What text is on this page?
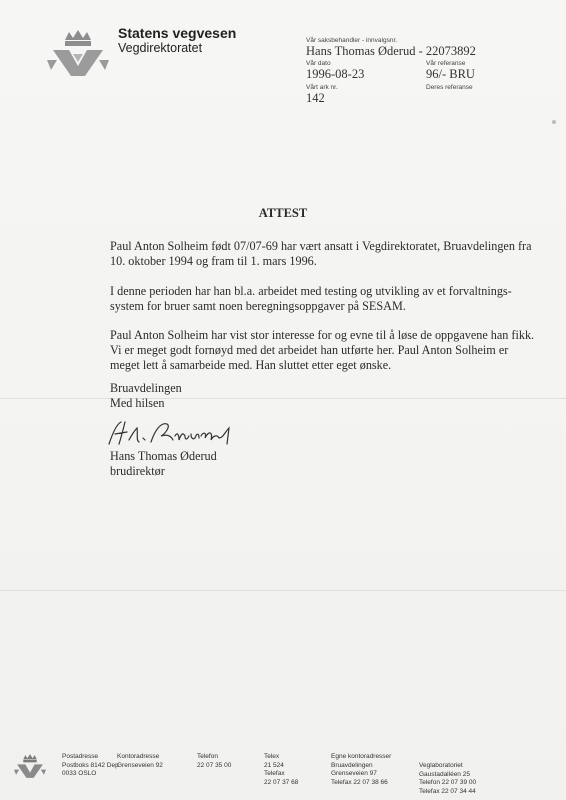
Statens vegvesen
Vegdirektoratet
Vår saksbehandler - innvalgsnr.
Hans Thomas Øderud - 22073892
Vår dato
1996-08-23
Vår referanse
96/- BRU
Deres referanse
Vårt ark nr.
142
ATTEST
Paul Anton Solheim født 07/07-69 har vært ansatt i Vegdirektoratet, Bruavdelingen fra
10. oktober 1994 og fram til 1. mars 1996.
I denne perioden har han bl.a. arbeidet med testing og utvikling av et forvaltnings-
system for bruer samt noen beregningsoppgaver på SESAM.
Paul Anton Solheim har vist stor interesse for og evne til å løse de oppgavene han fikk.
Vi er meget godt fornøyd med det arbeidet han utførte her. Paul Anton Solheim er
meget lett å samarbeide med. Han sluttet etter eget ønske.
Bruavdelingen
Med hilsen
Hans Thomas Øderud
brudirektør
Postadresse
Postboks 8142 Dep
0033 OSLO
Kontoradresse
Grenseveien 92
Telefon
22 07 35 00
Telex
21 524
Telefax
22 07 37 68
Egne kontoradresser
Bruavdelingen
Grenseveien 97
Telefax 22 07 38 66
Veglaboratoriet
Gaustadalléen 25
Telefon 22 07 39 00
Telefax 22 07 34 44
